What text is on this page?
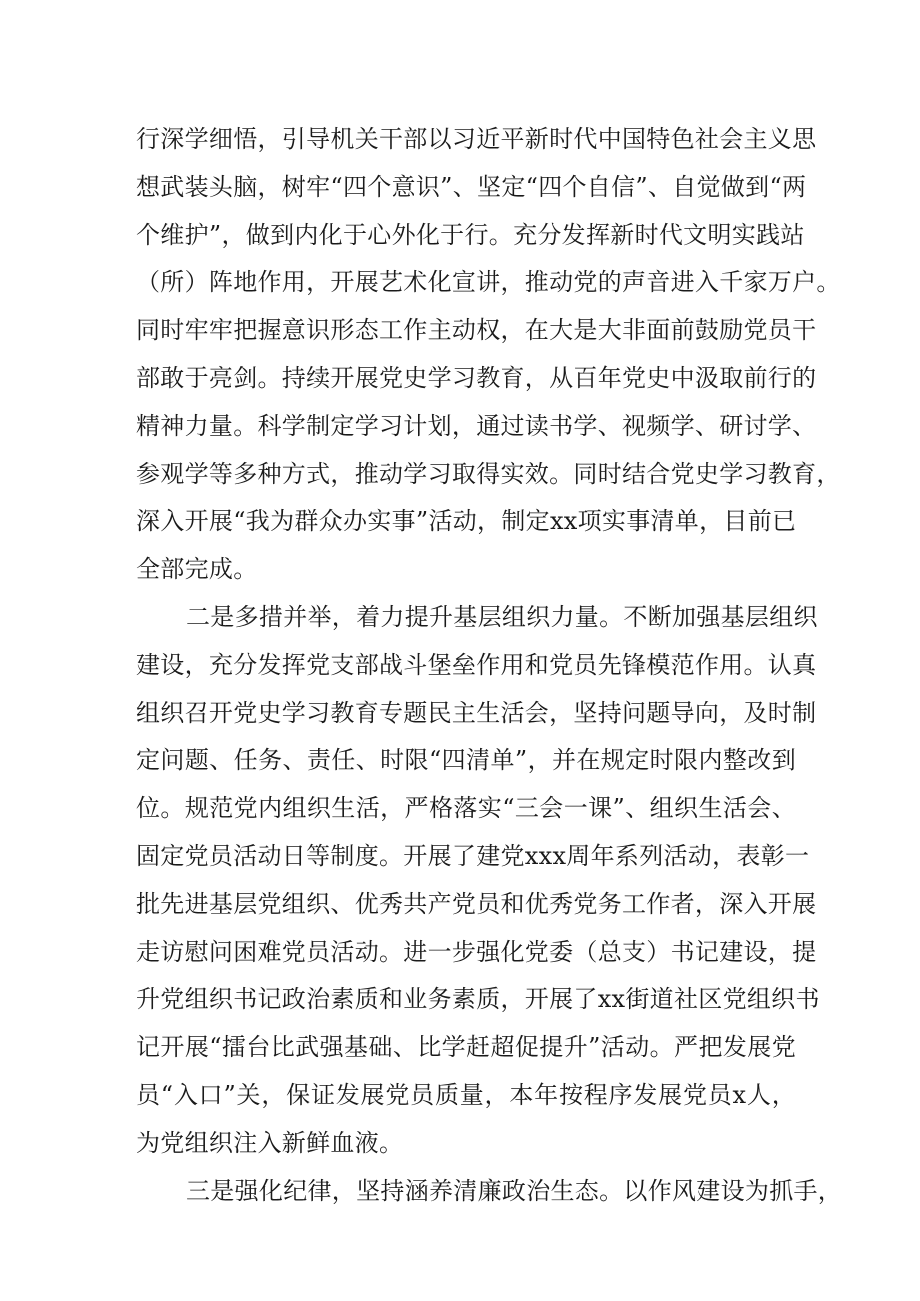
行深学细悟，引导机关干部以习近平新时代中国特色社会主义思
想武装头脑，树牢“四个意识”、坚定“四个自信”、自觉做到“两
个维护”，做到内化于心外化于行。充分发挥新时代文明实践站
（所）阵地作用，开展艺术化宣讲，推动党的声音进入千家万户。
同时牢牢把握意识形态工作主动权，在大是大非面前鼓励党员干
部敢于亮剑。持续开展党史学习教育，从百年党史中汲取前行的
精神力量。科学制定学习计划，通过读书学、视频学、研讨学、
参观学等多种方式，推动学习取得实效。同时结合党史学习教育，
深入开展“我为群众办实事”活动，制定xx项实事清单，目前已
全部完成。
二是多措并举，着力提升基层组织力量。不断加强基层组织
建设，充分发挥党支部战斗堡垒作用和党员先锋模范作用。认真
组织召开党史学习教育专题民主生活会，坚持问题导向，及时制
定问题、任务、责任、时限“四清单”，并在规定时限内整改到
位。规范党内组织生活，严格落实“三会一课”、组织生活会、
固定党员活动日等制度。开展了建党xxx周年系列活动，表彰一
批先进基层党组织、优秀共产党员和优秀党务工作者，深入开展
走访慰问困难党员活动。进一步强化党委（总支）书记建设，提
升党组织书记政治素质和业务素质，开展了xx街道社区党组织书
记开展“擂台比武强基础、比学赶超促提升”活动。严把发展党
员“入口”关，保证发展党员质量，本年按程序发展党员x人，
为党组织注入新鲜血液。
三是强化纪律，坚持涵养清廉政治生态。以作风建设为抓手，
